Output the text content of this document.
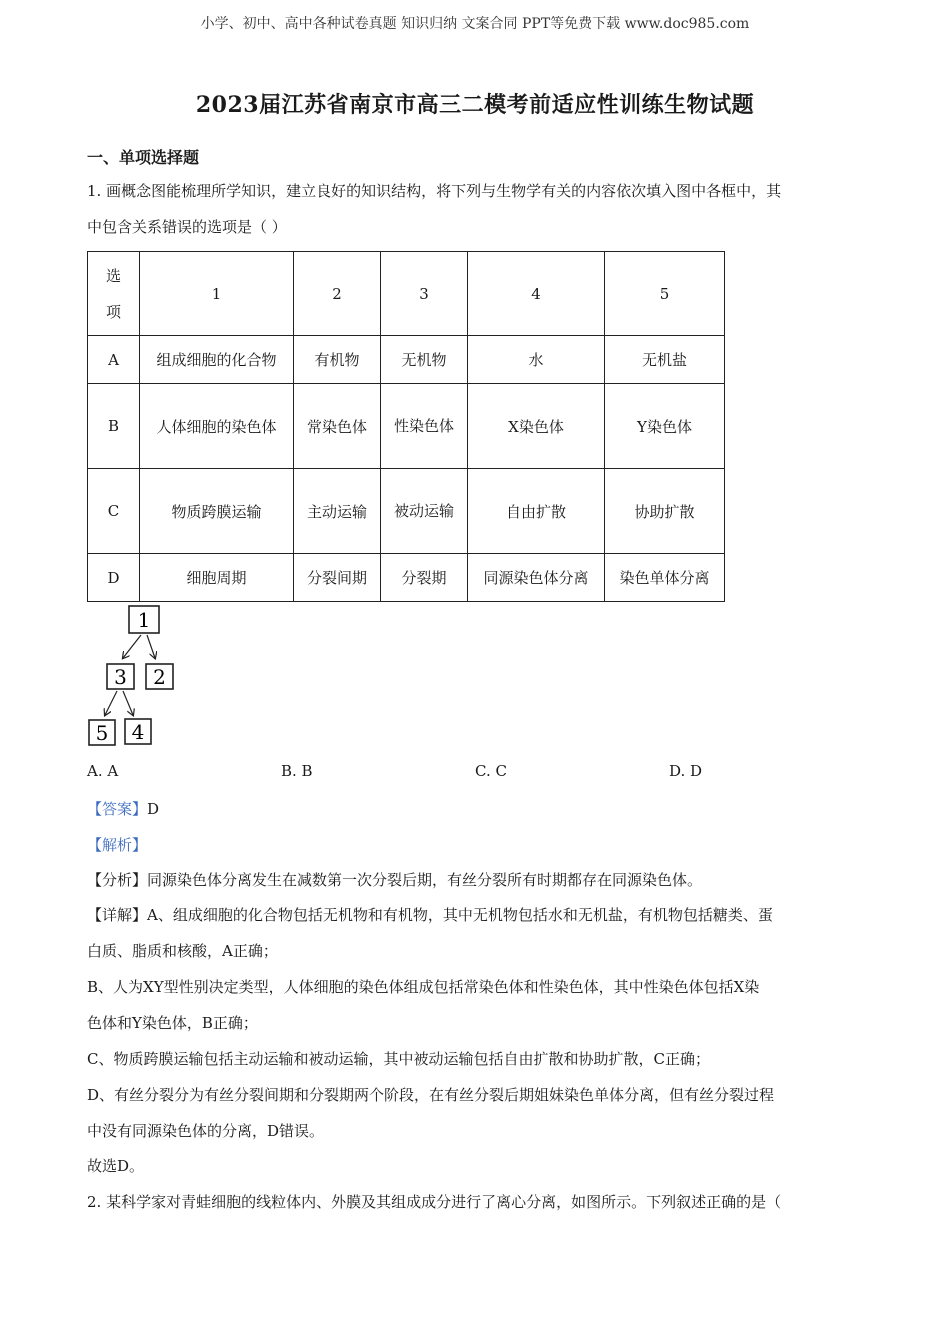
小学、初中、高中各种试卷真题 知识归纳 文案合同 PPT等免费下载 www.doc985.com
2023届江苏省南京市高三二模考前适应性训练生物试题
一、单项选择题

1. 画概念图能梳理所学知识，建立良好的知识结构，将下列与生物学有关的内容依次填入图中各框中，其

中包含关系错误的选项是（ ）

选项	1	2	3	4	5
A	组成细胞的化合物	有机物	无机物	水	无机盐
B	人体细胞的染色体	常染色体	性染色体	X染色体	Y染色体
C	物质跨膜运输	主动运输	被动运输	自由扩散	协助扩散
D	细胞周期	分裂间期	分裂期	同源染色体分离	染色单体分离
1
3 2
5 4
A. A	B. B	C. C	D. D

【答案】D

【解析】

【分析】同源染色体分离发生在减数第一次分裂后期，有丝分裂所有时期都存在同源染色体。

【详解】A、组成细胞的化合物包括无机物和有机物，其中无机物包括水和无机盐，有机物包括糖类、蛋

白质、脂质和核酸，A正确；

B、人为XY型性别决定类型，人体细胞的染色体组成包括常染色体和性染色体，其中性染色体包括X染

色体和Y染色体，B正确；

C、物质跨膜运输包括主动运输和被动运输，其中被动运输包括自由扩散和协助扩散，C正确；

D、有丝分裂分为有丝分裂间期和分裂期两个阶段，在有丝分裂后期姐妹染色单体分离，但有丝分裂过程

中没有同源染色体的分离，D错误。

故选D。

2. 某科学家对青蛙细胞的线粒体内、外膜及其组成成分进行了离心分离，如图所示。下列叙述正确的是（
